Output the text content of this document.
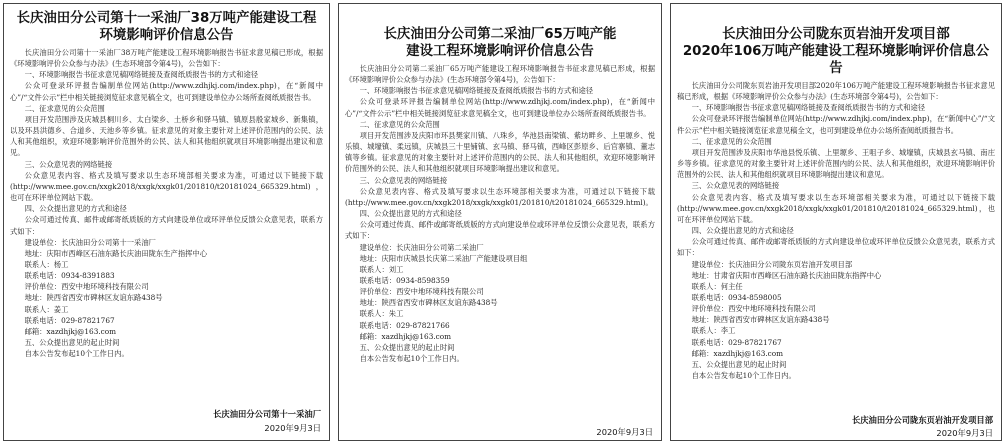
长庆油田分公司第十一采油厂38万吨产能建设工程
环境影响评价信息公告

长庆油田分公司第十一采油厂38万吨产能建设工程环境影响报告书征求意见稿已形成，根据《环境影响评价公众参与办法》(生态环境部令第4号)，公告如下：

一、环境影响报告书征求意见稿网络链接及查阅纸质报告书的方式和途径

公众可登录环评报告编制单位网站(http://www.zdhjkj.com/index.php)，在“新闻中心”/“文件公示”栏中相关链接浏览征求意见稿全文，也可到建设单位办公场所查阅纸质报告书。

二、征求意见的公众范围

项目开发范围涉及庆城县桐川乡、太白梁乡、土桥乡和驿马镇、镇原县殷家城乡、新集镇，以及环县洪德乡、合道乡、天池乡等乡镇。征求意见的对象主要针对上述评价范围内的公民、法人和其他组织，欢迎环境影响评价范围外的公民、法人和其他组织就项目环境影响提出建议和意见。

三、公众意见表的网络链接

公众意见表内容、格式及填写要求以生态环境部相关要求为准，可通过以下链接下载(http://www.mee.gov.cn/xxgk2018/xxgk/xxgk01/201810/t20181024_665329.html)，也可在环评单位网站下载。

四、公众提出意见的方式和途径

公众可通过传真、邮件或邮寄纸质版的方式向建设单位或环评单位反馈公众意见表，联系方式如下：

建设单位：长庆油田分公司第十一采油厂

地址：庆阳市西峰区石油东路长庆油田陇东生产指挥中心

联系人：杨工

联系电话：0934-8391883

评价单位：西安中地环境科技有限公司

地址：陕西省西安市碑林区友谊东路438号

联系人：姜工

联系电话：029-87821767

邮箱：xazdhjkj@163.com

五、公众提出意见的起止时间

自本公告发布起10个工作日内。

长庆油田分公司第十一采油厂
2020年9月3日
长庆油田分公司第二采油厂65万吨产能
建设工程环境影响评价信息公告

长庆油田分公司第二采油厂65万吨产能建设工程环境影响报告书征求意见稿已形成，根据《环境影响评价公众参与办法》(生态环境部令第4号)，公告如下：

一、环境影响报告书征求意见稿网络链接及查阅纸质报告书的方式和途径

公众可登录环评报告编制单位网站(http://www.zdhjkj.com/index.php)，在“新闻中心”/“文件公示”栏中相关链接浏览征求意见稿全文，也可到建设单位办公场所查阅纸质报告书。

二、征求意见的公众范围

项目开发范围涉及庆阳市环县樊家川镇、八珠乡，华池县南梁镇、紫坊畔乡、上里塬乡、悦乐镇、城壕镇、柔远镇，庆城县三十里铺镇、玄马镇、驿马镇，西峰区彭原乡、后官寨镇、董志镇等乡镇。征求意见的对象主要针对上述评价范围内的公民、法人和其他组织，欢迎环境影响评价范围外的公民、法人和其他组织就项目环境影响提出建议和意见。

三、公众意见表的网络链接

公众意见表内容、格式及填写要求以生态环境部相关要求为准，可通过以下链接下载(http://www.mee.gov.cn/xxgk2018/xxgk/xxgk01/201810/t20181024_665329.html)。

四、公众提出意见的方式和途径

公众可通过传真、邮件或邮寄纸质版的方式向建设单位或环评单位反馈公众意见表，联系方式如下：

建设单位：长庆油田分公司第二采油厂

地址：庆阳市庆城县长庆第二采油厂产能建设项目组

联系人：刘工

联系电话：0934-8598359

评价单位：西安中地环境科技有限公司

地址：陕西省西安市碑林区友谊东路438号

联系人：朱工

联系电话：029-87821766

邮箱：xazdhjkj@163.com

五、公众提出意见的起止时间

自本公告发布起10个工作日内。

2020年9月3日
长庆油田分公司陇东页岩油开发项目部
2020年106万吨产能建设工程环境影响评价信息公告

长庆油田分公司陇东页岩油开发项目部2020年106万吨产能建设工程环境影响报告书征求意见稿已形成，根据《环境影响评价公众参与办法》(生态环境部令第4号)，公告如下：

一、环境影响报告书征求意见稿网络链接及查阅纸质报告书的方式和途径

公众可登录环评报告编制单位网站(http://www.zdhjkj.com/index.php)，在“新闻中心”/“文件公示”栏中相关链接浏览征求意见稿全文，也可到建设单位办公场所查阅纸质报告书。

二、征求意见的公众范围

项目开发范围涉及庆阳市华池县悦乐镇、上里塬乡、王咀子乡、城壕镇，庆城县玄马镇、南庄乡等乡镇。征求意见的对象主要针对上述评价范围内的公民、法人和其他组织，欢迎环境影响评价范围外的公民、法人和其他组织就项目环境影响提出建议和意见。

三、公众意见表的网络链接

公众意见表内容、格式及填写要求以生态环境部相关要求为准，可通过以下链接下载(http://www.mee.gov.cn/xxgk2018/xxgk/xxgk01/201810/t20181024_665329.html)，也可在环评单位网站下载。

四、公众提出意见的方式和途径

公众可通过传真、邮件或邮寄纸质版的方式向建设单位或环评单位反馈公众意见表，联系方式如下：

建设单位：长庆油田分公司陇东页岩油开发项目部

地址：甘肃省庆阳市西峰区石油东路长庆油田陇东指挥中心

联系人：何主任

联系电话：0934-8598005

评价单位：西安中地环境科技有限公司

地址：陕西省西安市碑林区友谊东路438号

联系人：李工

联系电话：029-87821767

邮箱：xazdhjkj@163.com

五、公众提出意见的起止时间

自本公告发布起10个工作日内。

长庆油田分公司陇东页岩油开发项目部
2020年9月3日
